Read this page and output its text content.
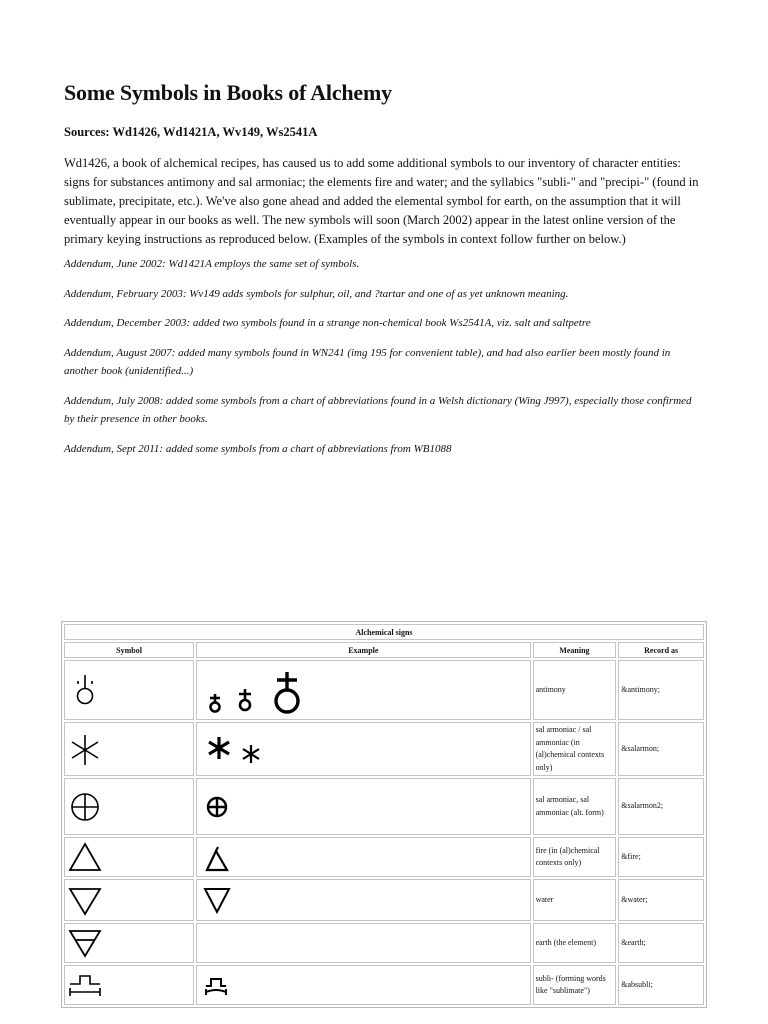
Some Symbols in Books of Alchemy

Sources: Wd1426, Wd1421A, Wv149, Ws2541A

Wd1426, a book of alchemical recipes, has caused us to add some additional symbols to our inventory of character entities: signs for substances antimony and sal armoniac; the elements fire and water; and the syllabics "subli-" and "precipi-" (found in sublimate, precipitate, etc.). We've also gone ahead and added the elemental symbol for earth, on the assumption that it will eventually appear in our books as well. The new symbols will soon (March 2002) appear in the latest online version of the primary keying instructions as reproduced below. (Examples of the symbols in context follow further on below.)

Addendum, June 2002: Wd1421A employs the same set of symbols.

Addendum, February 2003: Wv149 adds symbols for sulphur, oil, and ?tartar and one of as yet unknown meaning.

Addendum, December 2003: added two symbols found in a strange non-chemical book Ws2541A, viz. salt and saltpetre

Addendum, August 2007: added many symbols found in WN241 (img 195 for convenient table), and had also earlier been mostly found in another book (unidentified...)

Addendum, July 2008: added some symbols from a chart of abbreviations found in a Welsh dictionary (Wing J997), especially those confirmed by their presence in other books.

Addendum, Sept 2011: added some symbols from a chart of abbreviations from WB1088

Alchemical signs			
Symbol	Example	Meaning	Record as

	antimony	&antimony;

	sal armoniac / sal ammoniac (in (al)chemical contexts only)	&salarmon;

	sal armoniac, sal ammoniac (alt. form)	&salarmon2;

	fire (in (al)chemical contexts only)	&fire;

	water	&water;

		earth (the element)	&earth;

	subli- (forming words like "sublimate")	&absubli;
